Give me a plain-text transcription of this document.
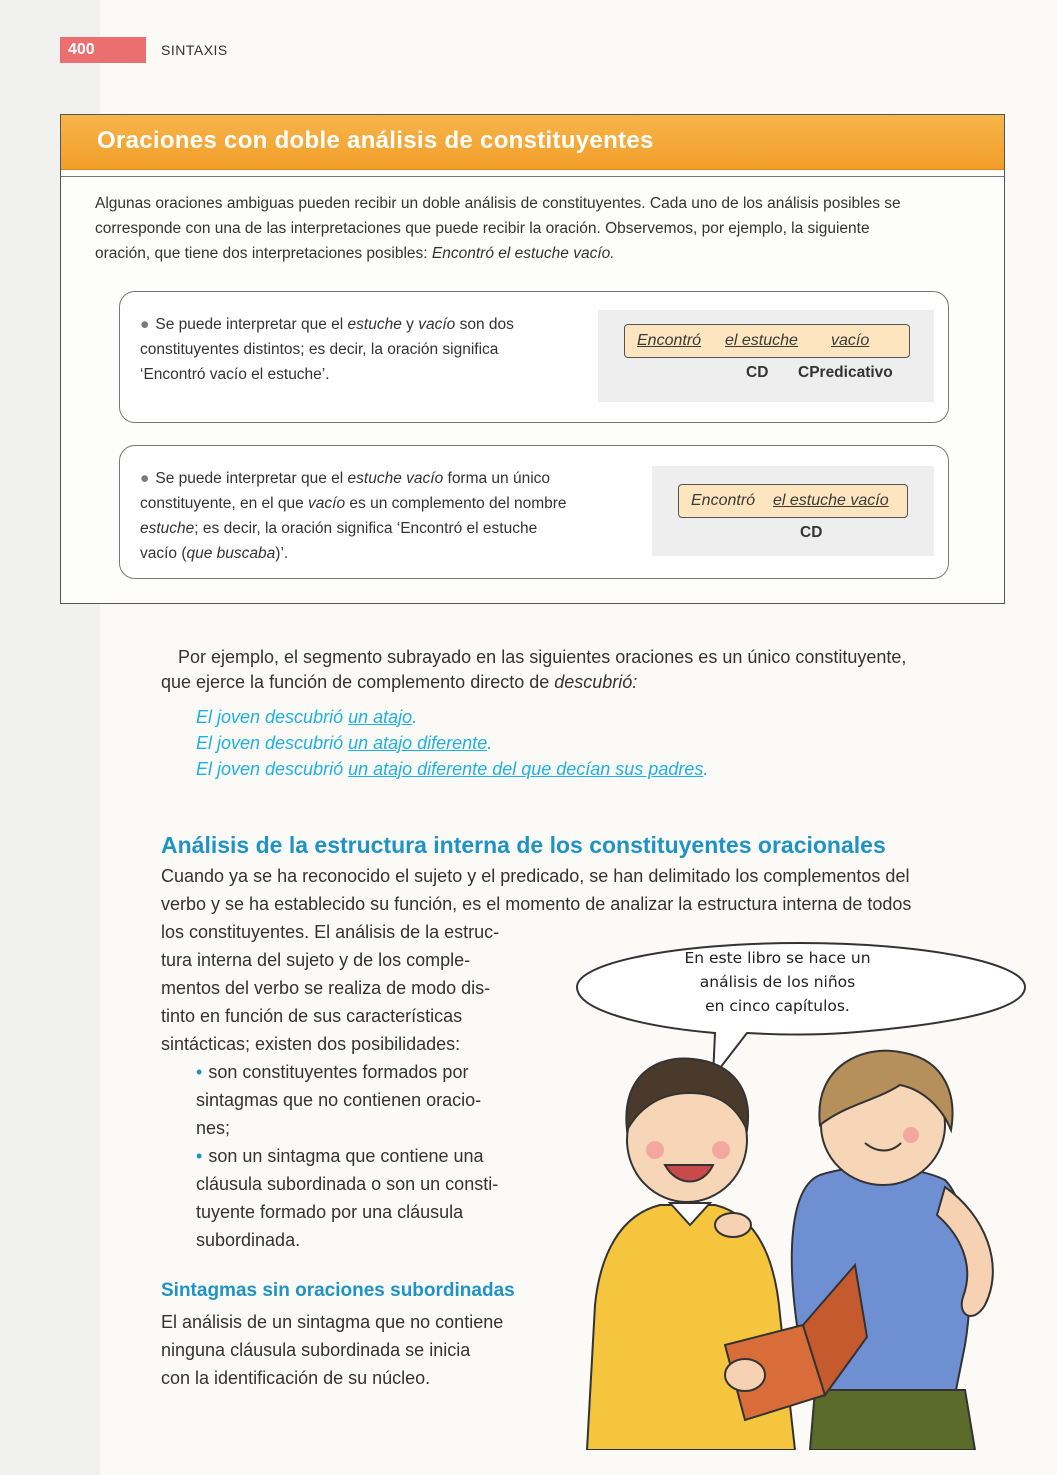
400	SINTAXIS
Oraciones con doble análisis de constituyentes

Algunas oraciones ambiguas pueden recibir un doble análisis de constituyentes. Cada uno de los análisis posibles se
corresponde con una de las interpretaciones que puede recibir la oración. Observemos, por ejemplo, la siguiente
oración, que tiene dos interpretaciones posibles: Encontró el estuche vacío.

● Se puede interpretar que el estuche y vacío son dos
constituyentes distintos; es decir, la oración significa
‘Encontró vacío el estuche’.

Encontró el estuche vacío
CD CPredicativo

● Se puede interpretar que el estuche vacío forma un único
constituyente, en el que vacío es un complemento del nombre
estuche; es decir, la oración significa ‘Encontró el estuche
vacío (que buscaba)’.

Encontró el estuche vacío
CD

Por ejemplo, el segmento subrayado en las siguientes oraciones es un único constituyente,

que ejerce la función de complemento directo de descubrió:

El joven descubrió un atajo.

El joven descubrió un atajo diferente.

El joven descubrió un atajo diferente del que decían sus padres.

Análisis de la estructura interna de los constituyentes oracionales

Cuando ya se ha reconocido el sujeto y el predicado, se han delimitado los complementos del

verbo y se ha establecido su función, es el momento de analizar la estructura interna de todos

los constituyentes. El análisis de la estruc-

tura interna del sujeto y de los comple-

mentos del verbo se realiza de modo dis-

tinto en función de sus características

sintácticas; existen dos posibilidades:

• son constituyentes formados por

sintagmas que no contienen oracio-

nes;

• son un sintagma que contiene una

cláusula subordinada o son un consti-

tuyente formado por una cláusula

subordinada.

Sintagmas sin oraciones subordinadas

El análisis de un sintagma que no contiene

ninguna cláusula subordinada se inicia

con la identificación de su núcleo.

En este libro se hace un
análisis de los niños
en cinco capítulos.
